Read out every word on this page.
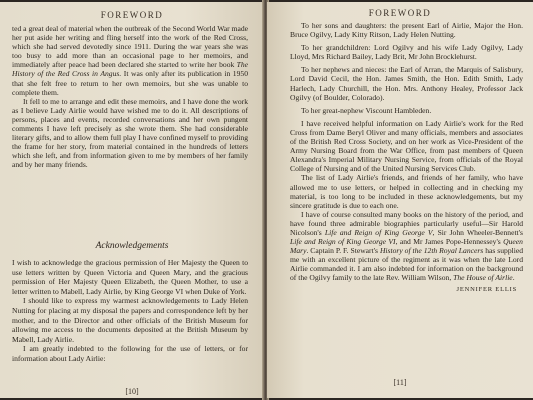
FOREWORD

ted a great deal of material when the outbreak of the Second World War made her put aside her writing and fling herself into the work of the Red Cross, which she had served devotedly since 1911. During the war years she was too busy to add more than an occasional page to her memoirs, and immediately after peace had been declared she started to write her book The History of the Red Cross in Angus. It was only after its publication in 1950 that she felt free to return to her own memoirs, but she was unable to complete them.

It fell to me to arrange and edit these memoirs, and I have done the work as I believe Lady Airlie would have wished me to do it. All descriptions of persons, places and events, recorded conversations and her own pungent comments I have left precisely as she wrote them. She had considerable literary gifts, and to allow them full play I have confined myself to providing the frame for her story, from material contained in the hundreds of letters which she left, and from information given to me by members of her family and by her many friends.

Acknowledgements

I wish to acknowledge the gracious permission of Her Majesty the Queen to use letters written by Queen Victoria and Queen Mary, and the gracious permission of Her Majesty Queen Elizabeth, the Queen Mother, to use a letter written to Mabell, Lady Airlie, by King George VI when Duke of York.

I should like to express my warmest acknowledgements to Lady Helen Nutting for placing at my disposal the papers and correspondence left by her mother, and to the Director and other officials of the British Museum for allowing me access to the documents deposited at the British Museum by Mabell, Lady Airlie.

I am greatly indebted to the following for the use of letters, or for information about Lady Airlie:

[10]
FOREWORD

To her sons and daughters: the present Earl of Airlie, Major the Hon. Bruce Ogilvy, Lady Kitty Ritson, Lady Helen Nutting.

To her grandchildren: Lord Ogilvy and his wife Lady Ogilvy, Lady Lloyd, Mrs Richard Bailey, Lady Brit, Mr John Brocklehurst.

To her nephews and nieces: the Earl of Arran, the Marquis of Salisbury, Lord David Cecil, the Hon. James Smith, the Hon. Edith Smith, Lady Harlech, Lady Churchill, the Hon. Mrs. Anthony Healey, Professor Jack Ogilvy (of Boulder, Colorado).

To her great-nephew Viscount Hambleden.

I have received helpful information on Lady Airlie's work for the Red Cross from Dame Beryl Oliver and many officials, members and associates of the British Red Cross Society, and on her work as Vice-President of the Army Nursing Board from the War Office, from past members of Queen Alexandra's Imperial Military Nursing Service, from officials of the Royal College of Nursing and of the United Nursing Services Club.

The list of Lady Airlie's friends, and friends of her family, who have allowed me to use letters, or helped in collecting and in checking my material, is too long to be included in these acknowledgements, but my sincere gratitude is due to each one.

I have of course consulted many books on the history of the period, and have found three admirable biographies particularly useful—Sir Harold Nicolson's Life and Reign of King George V, Sir John Wheeler-Bennett's Life and Reign of King George VI, and Mr James Pope-Hennessey's Queen Mary. Captain P. F. Stewart's History of the 12th Royal Lancers has supplied me with an excellent picture of the regiment as it was when the late Lord Airlie commanded it. I am also indebted for information on the background of the Ogilvy family to the late Rev. William Wilson, The House of Airlie.

JENNIFER ELLIS
[11]
